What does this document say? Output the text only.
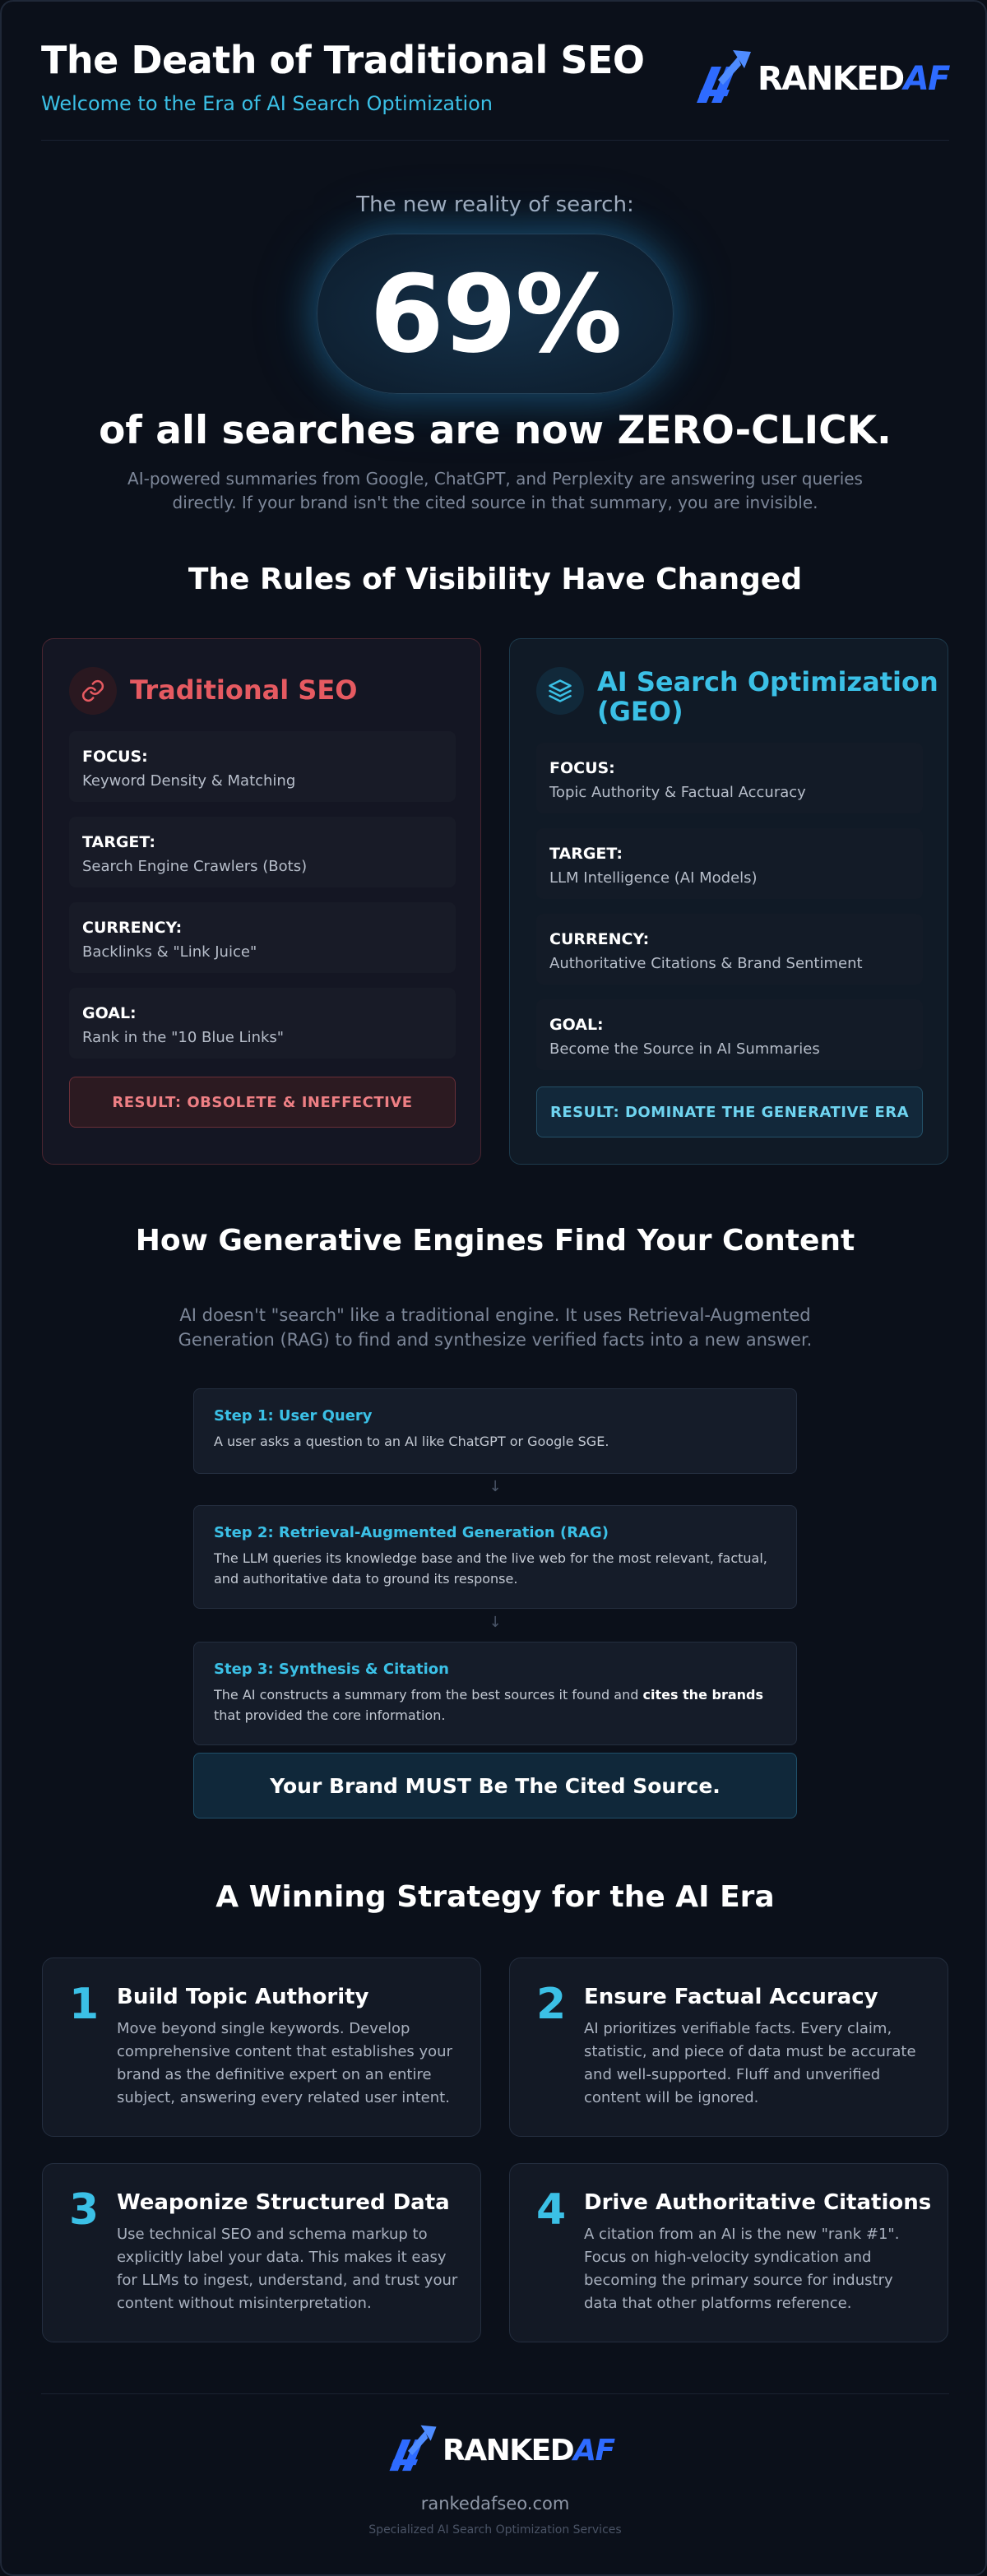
The Death of Traditional SEO
Welcome to the Era of AI Search Optimization
RANKEDAF
The new reality of search:
69%
of all searches are now ZERO-CLICK.
AI-powered summaries from Google, ChatGPT, and Perplexity are answering user queries directly. If your brand isn't the cited source in that summary, you are invisible.
The Rules of Visibility Have Changed
Traditional SEO
FOCUS:
Keyword Density & Matching
TARGET:
Search Engine Crawlers (Bots)
CURRENCY:
Backlinks & "Link Juice"
GOAL:
Rank in the "10 Blue Links"
RESULT: OBSOLETE & INEFFECTIVE
AI Search Optimization (GEO)
FOCUS:
Topic Authority & Factual Accuracy
TARGET:
LLM Intelligence (AI Models)
CURRENCY:
Authoritative Citations & Brand Sentiment
GOAL:
Become the Source in AI Summaries
RESULT: DOMINATE THE GENERATIVE ERA
How Generative Engines Find Your Content
AI doesn't "search" like a traditional engine. It uses Retrieval-Augmented Generation (RAG) to find and synthesize verified facts into a new answer.
Step 1: User Query
A user asks a question to an AI like ChatGPT or Google SGE.
↓
Step 2: Retrieval-Augmented Generation (RAG)
The LLM queries its knowledge base and the live web for the most relevant, factual, and authoritative data to ground its response.
↓
Step 3: Synthesis & Citation
The AI constructs a summary from the best sources it found and cites the brands that provided the core information.
Your Brand MUST Be The Cited Source.
A Winning Strategy for the AI Era
1 Build Topic Authority
Move beyond single keywords. Develop comprehensive content that establishes your brand as the definitive expert on an entire subject, answering every related user intent.
2 Ensure Factual Accuracy
AI prioritizes verifiable facts. Every claim, statistic, and piece of data must be accurate and well-supported. Fluff and unverified content will be ignored.
3 Weaponize Structured Data
Use technical SEO and schema markup to explicitly label your data. This makes it easy for LLMs to ingest, understand, and trust your content without misinterpretation.
4 Drive Authoritative Citations
A citation from an AI is the new "rank #1". Focus on high-velocity syndication and becoming the primary source for industry data that other platforms reference.
RANKEDAF
rankedafseo.com
Specialized AI Search Optimization Services
